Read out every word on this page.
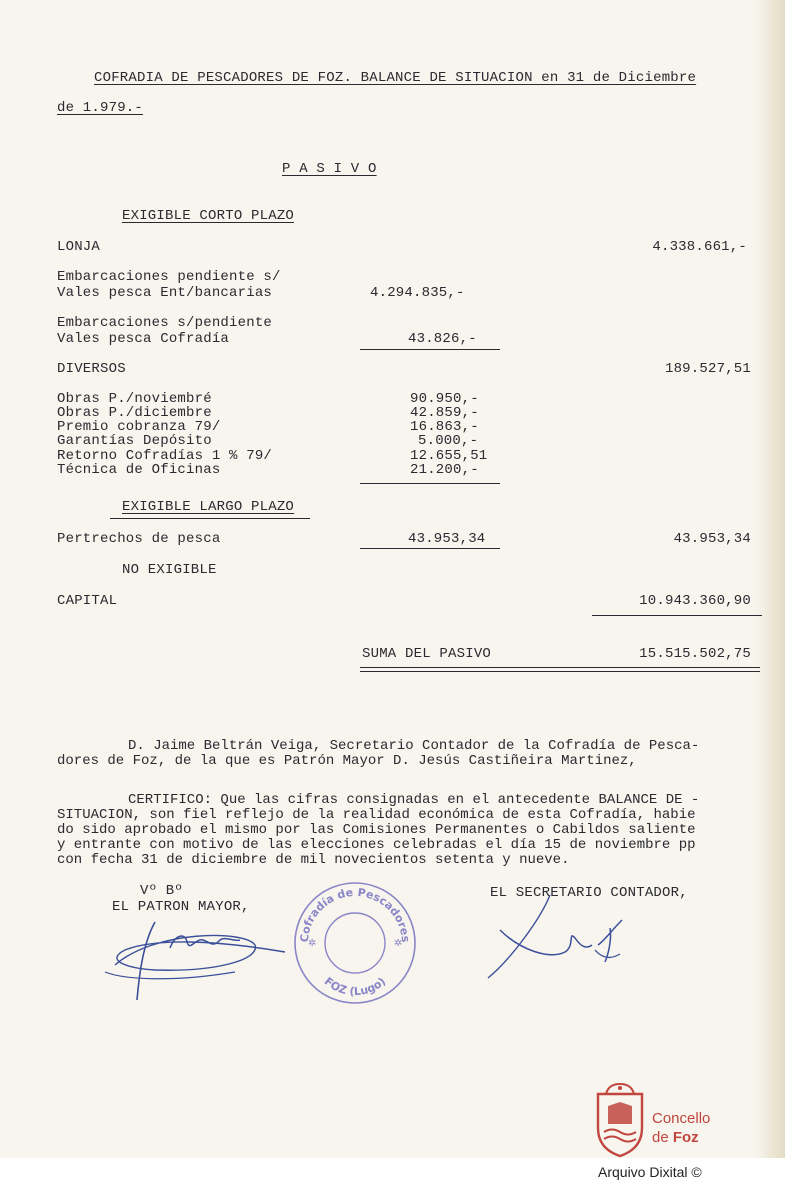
COFRADIA DE PESCADORES DE FOZ. BALANCE DE SITUACION en 31 de Diciembre
de 1.979.-
P A S I V O
EXIGIBLE CORTO PLAZO
LONJA	4.338.661,-
Embarcaciones pendiente s/
Vales pesca Ent/bancarias	4.294.835,-
Embarcaciones s/pendiente
Vales pesca Cofradía	43.826,-
DIVERSOS	189.527,51
Obras P./noviembré	90.950,-
Obras P./diciembre	42.859,-
Premio cobranza 79/	16.863,-
Garantías Depósito	5.000,-
Retorno Cofradías 1 % 79/	12.655,51
Técnica de Oficinas	21.200,-
EXIGIBLE LARGO PLAZO
Pertrechos de pesca	43.953,34	43.953,34
NO EXIGIBLE
CAPITAL	10.943.360,90
SUMA DEL PASIVO	15.515.502,75
D. Jaime Beltrán Veiga, Secretario Contador de la Cofradía de Pesca-
dores de Foz, de la que es Patrón Mayor D. Jesús Castiñeira Martinez,
CERTIFICO: Que las cifras consignadas en el antecedente BALANCE DE -
SITUACION, son fiel reflejo de la realidad económica de esta Cofradía, habie
do sido aprobado el mismo por las Comisiones Permanentes o Cabildos saliente
y entrante con motivo de las elecciones celebradas el día 15 de noviembre pp
con fecha 31 de diciembre de mil novecientos setenta y nueve.
Vº Bº
EL PATRON MAYOR,
EL SECRETARIO CONTADOR,
Cofradía de Pescadores
FOZ (Lugo)
✲	✲
Concello
de Foz
Arquivo Dixital ©
